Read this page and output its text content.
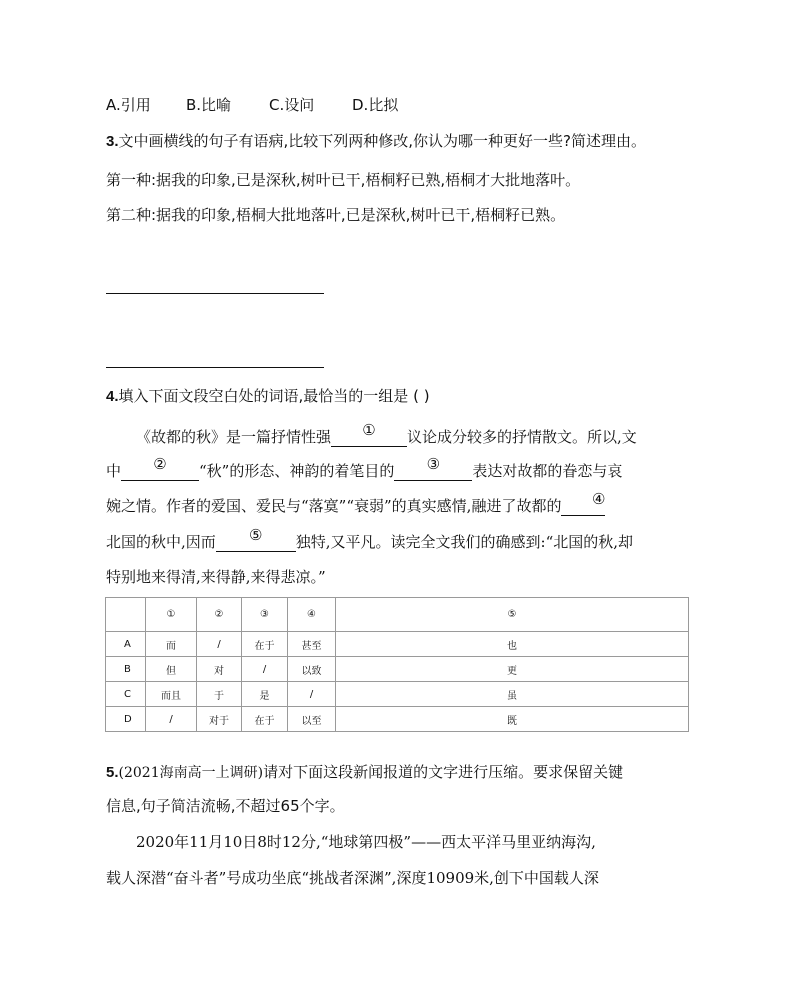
A.引用 B.比喻	C.设问	D.比拟
3.文中画横线的句子有语病,比较下列两种修改,你认为哪一种更好一些?简述理由。
第一种:据我的印象,已是深秋,树叶已干,梧桐籽已熟,梧桐才大批地落叶。
第二种:据我的印象,梧桐大批地落叶,已是深秋,树叶已干,梧桐籽已熟。
4.填入下面文段空白处的词语,最恰当的一组是 ( )
《故都的秋》是一篇抒情性强	①	议论成分较多的抒情散文。所以,文
中	②	“秋”的形态、神韵的着笔目的	③	表达对故都的眷恋与哀
婉之情。作者的爱国、爱民与“落寞”“衰弱”的真实感情,融进了故都的	④
北国的秋中,因而	⑤	独特,又平凡。读完全文我们的确感到:“北国的秋,却
特别地来得清,来得静,来得悲凉。”
	①	②	③	④	⑤
A	而	/	在于	甚至	也
B	但	对	/	以致	更
C	而且	于	是	/	虽
D	/	对于	在于	以至	既
5.(2021海南高一上调研)请对下面这段新闻报道的文字进行压缩。要求保留关键
信息,句子简洁流畅,不超过65个字。
2020年11月10日8时12分,“地球第四极”——西太平洋马里亚纳海沟,
载人深潜“奋斗者”号成功坐底“挑战者深渊”,深度10909米,创下中国载人深
